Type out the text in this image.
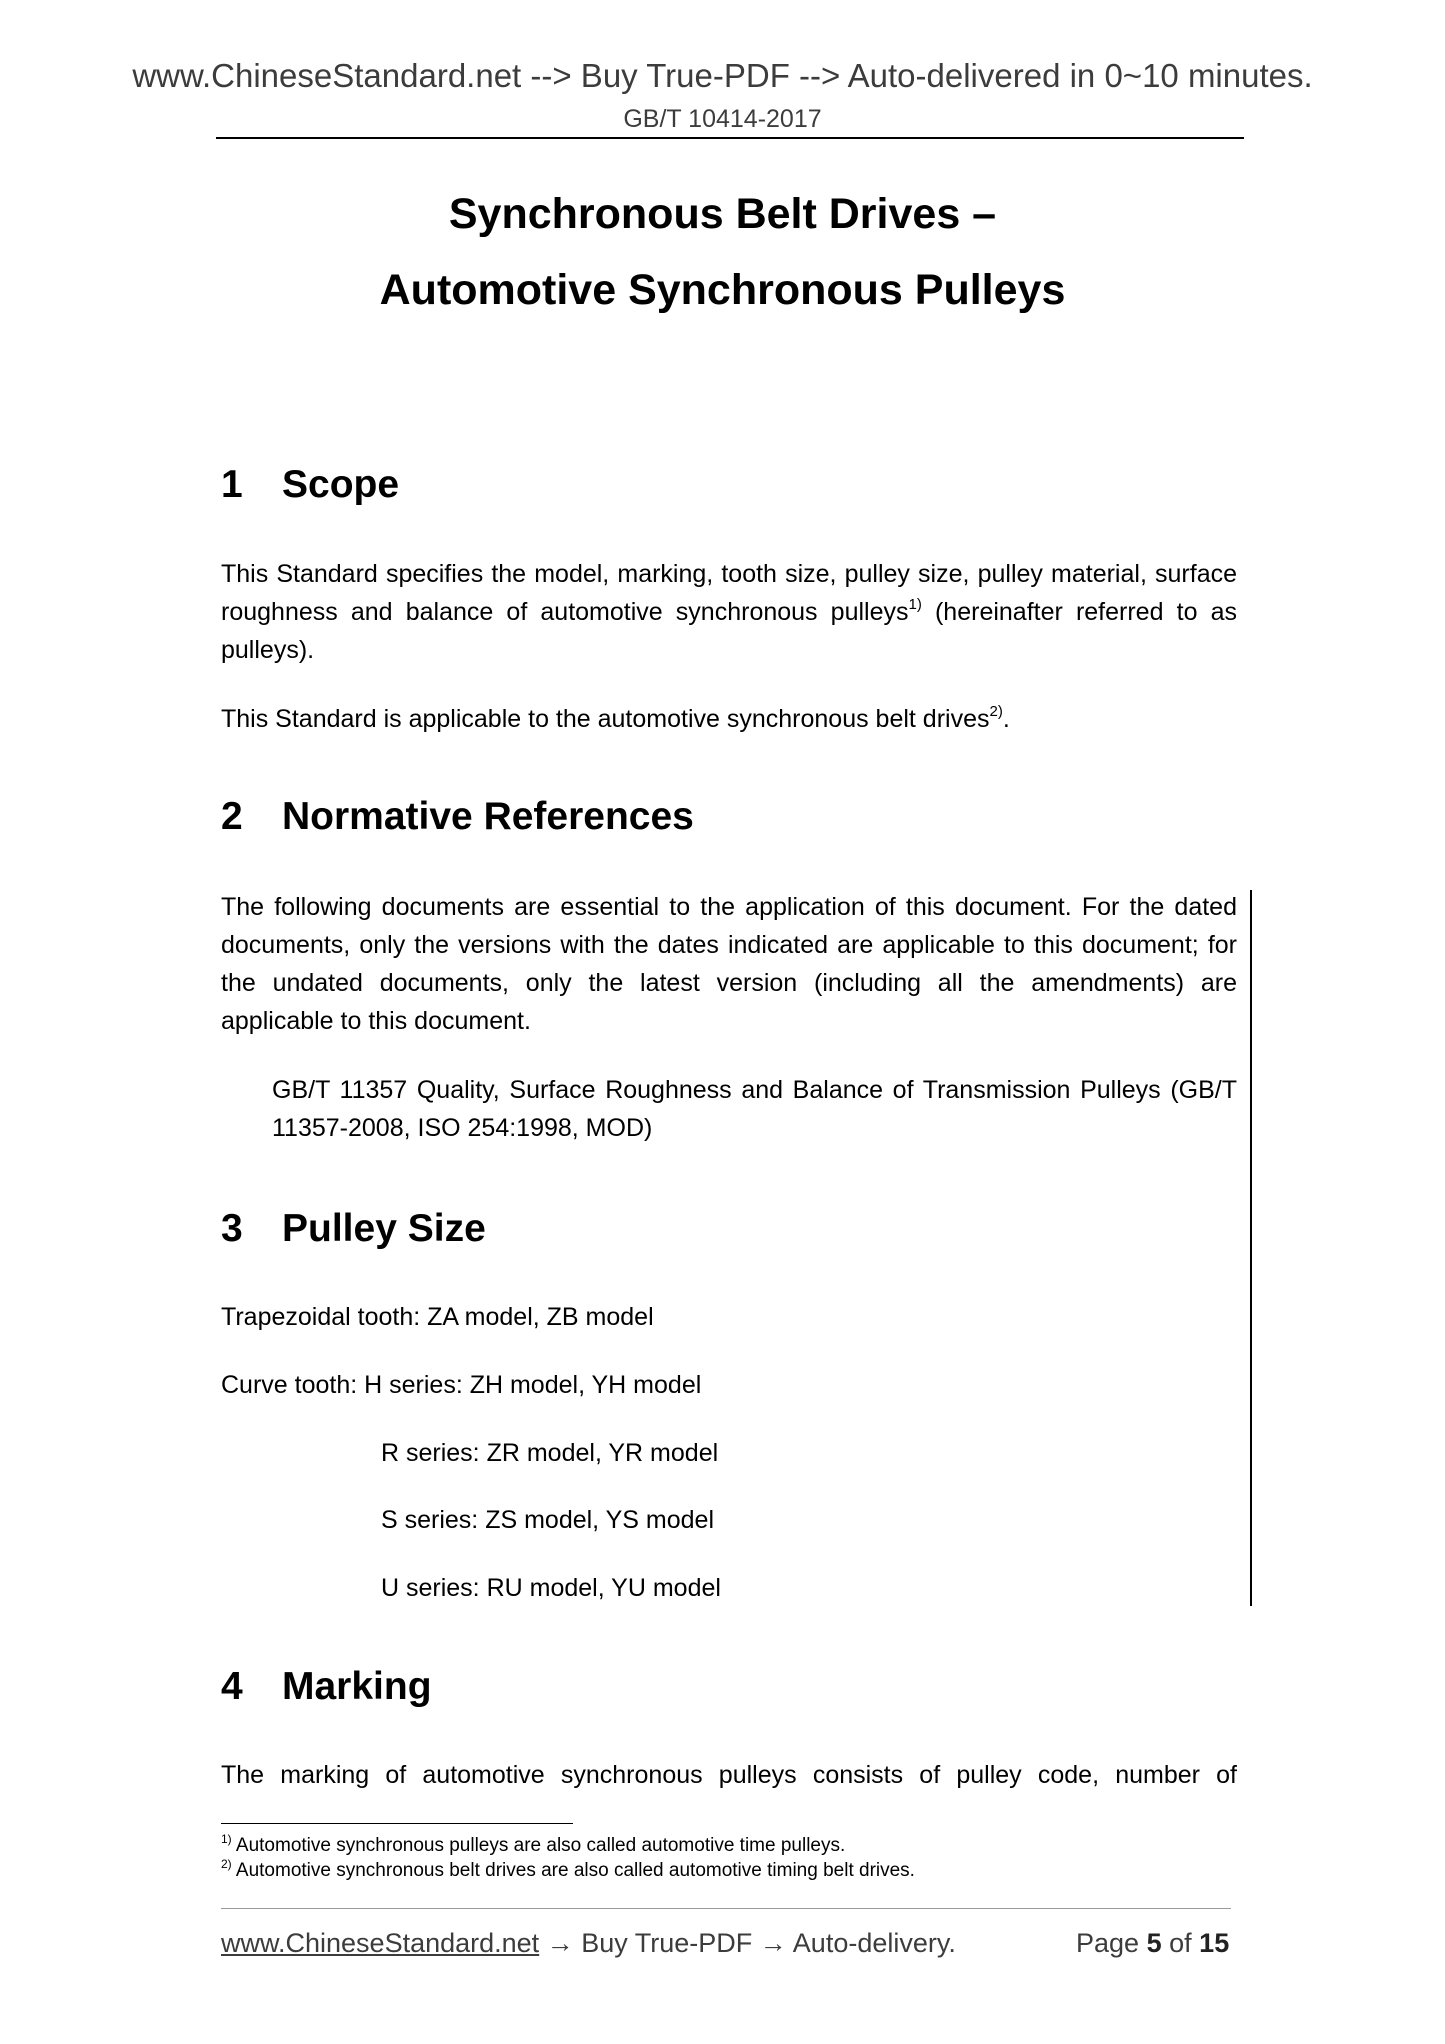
www.ChineseStandard.net --> Buy True-PDF --> Auto-delivered in 0~10 minutes.
GB/T 10414-2017
Synchronous Belt Drives –
Automotive Synchronous Pulleys
1 Scope
This Standard specifies the model, marking, tooth size, pulley size, pulley material, surface roughness and balance of automotive synchronous pulleys$^{1)}$ (hereinafter referred to as pulleys).
This Standard is applicable to the automotive synchronous belt drives$^{2)}$.
2 Normative References
The following documents are essential to the application of this document. For the dated documents, only the versions with the dates indicated are applicable to this document; for the undated documents, only the latest version (including all the amendments) are applicable to this document.
GB/T 11357 Quality, Surface Roughness and Balance of Transmission Pulleys (GB/T 11357-2008, ISO 254:1998, MOD)
3 Pulley Size
Trapezoidal tooth: ZA model, ZB model
Curve tooth: H series: ZH model, YH model
R series: ZR model, YR model
S series: ZS model, YS model
U series: RU model, YU model
4 Marking
The marking of automotive synchronous pulleys consists of pulley code, number of
$^{1)}$ Automotive synchronous pulleys are also called automotive time pulleys.
$^{2)}$ Automotive synchronous belt drives are also called automotive timing belt drives.
www.ChineseStandard.net → Buy True-PDF → Auto-delivery.	Page 5 of 15
